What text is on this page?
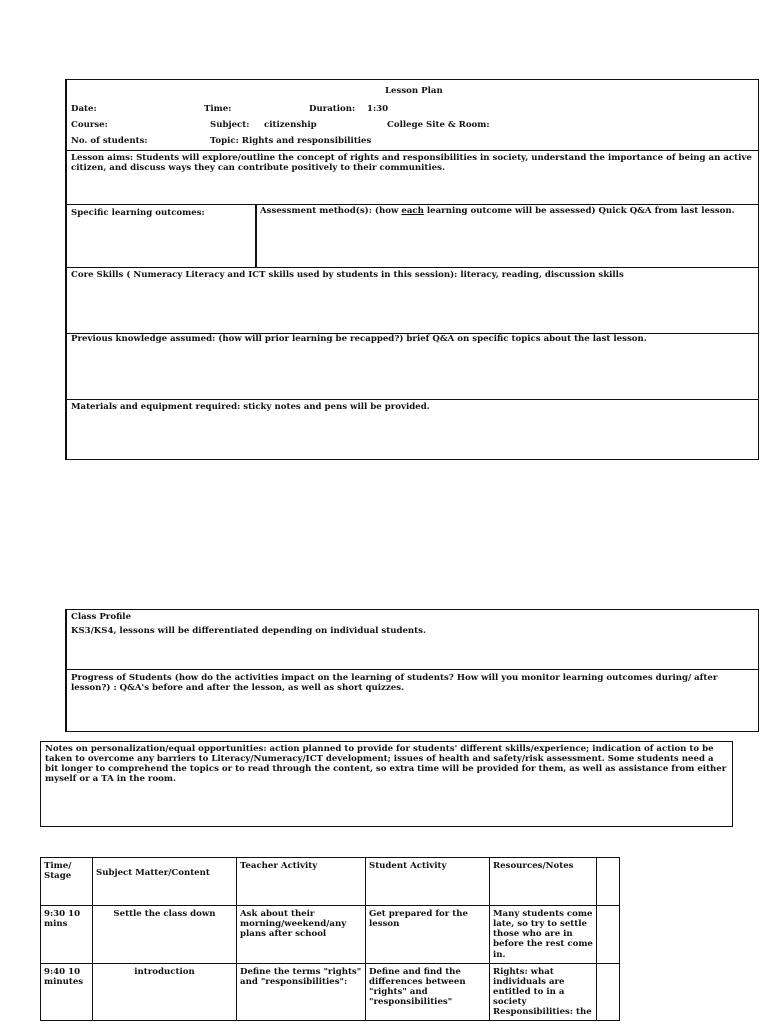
Lesson Plan
Date:	Time:	Duration: 1:30
Course:	Subject: citizenship	College Site & Room:
No. of students:	Topic: Rights and responsibilities
Lesson aims: Students will explore/outline the concept of rights and responsibilities in society, understand the importance of being an active citizen, and discuss ways they can contribute positively to their communities.
Specific learning outcomes:	Assessment method(s): (how each learning outcome will be assessed) Quick Q&A from last lesson.
Core Skills ( Numeracy Literacy and ICT skills used by students in this session): literacy, reading, discussion skills
Previous knowledge assumed: (how will prior learning be recapped?) brief Q&A on specific topics about the last lesson.
Materials and equipment required: sticky notes and pens will be provided.
Class Profile
KS3/KS4, lessons will be differentiated depending on individual students.
Progress of Students (how do the activities impact on the learning of students? How will you monitor learning outcomes during/ after lesson?) : Q&A's before and after the lesson, as well as short quizzes.
Notes on personalization/equal opportunities: action planned to provide for students' different skills/experience; indication of action to be taken to overcome any barriers to Literacy/Numeracy/ICT development; issues of health and safety/risk assessment. Some students need a bit longer to comprehend the topics or to read through the content, so extra time will be provided for them, as well as assistance from either myself or a TA in the room.
Time/ Stage	Subject Matter/Content	Teacher Activity	Student Activity	Resources/Notes	
9:30 10 mins	Settle the class down	Ask about their morning/weekend/any plans after school	Get prepared for the lesson	Many students come late, so try to settle those who are in before the rest come in.	
9:40 10 minutes	introduction	Define the terms "rights" and "responsibilities":	Define and find the differences between "rights" and "responsibilities"	Rights: what individuals are entitled to in a society Responsibilities: the	
